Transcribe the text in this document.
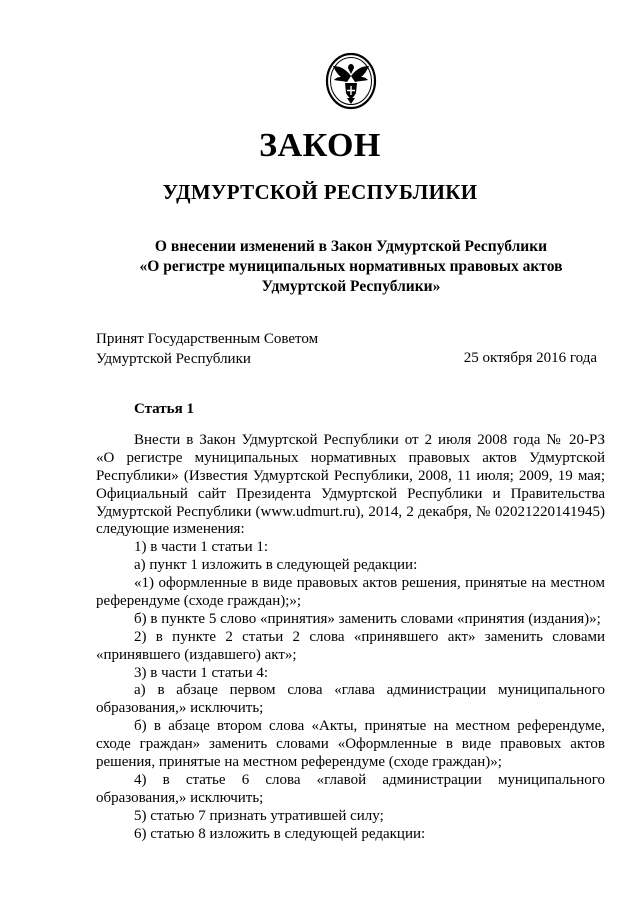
ЗАКОН
УДМУРТСКОЙ РЕСПУБЛИКИ
О внесении изменений в Закон Удмуртской Республики
«О регистре муниципальных нормативных правовых актов
Удмуртской Республики»
Принят Государственным Советом
Удмуртской Республики	25 октября 2016 года
Статья 1
Внести в Закон Удмуртской Республики от 2 июля 2008 года № 20-РЗ
«О регистре муниципальных нормативных правовых актов Удмуртской
Республики» (Известия Удмуртской Республики, 2008, 11 июля; 2009, 19 мая;
Официальный сайт Президента Удмуртской Республики и Правительства
Удмуртской Республики (www.udmurt.ru), 2014, 2 декабря, № 02021220141945)
следующие изменения:
1) в части 1 статьи 1:
а) пункт 1 изложить в следующей редакции:
«1) оформленные в виде правовых актов решения, принятые на местном
референдуме (сходе граждан);»;
б) в пункте 5 слово «принятия» заменить словами «принятия (издания)»;
2) в пункте 2 статьи 2 слова «принявшего акт» заменить словами
«принявшего (издавшего) акт»;
3) в части 1 статьи 4:
а) в абзаце первом слова «глава администрации муниципального
образования,» исключить;
б) в абзаце втором слова «Акты, принятые на местном референдуме,
сходе граждан» заменить словами «Оформленные в виде правовых актов
решения, принятые на местном референдуме (сходе граждан)»;
4) в статье 6 слова «главой администрации муниципального
образования,» исключить;
5) статью 7 признать утратившей силу;
6) статью 8 изложить в следующей редакции:
